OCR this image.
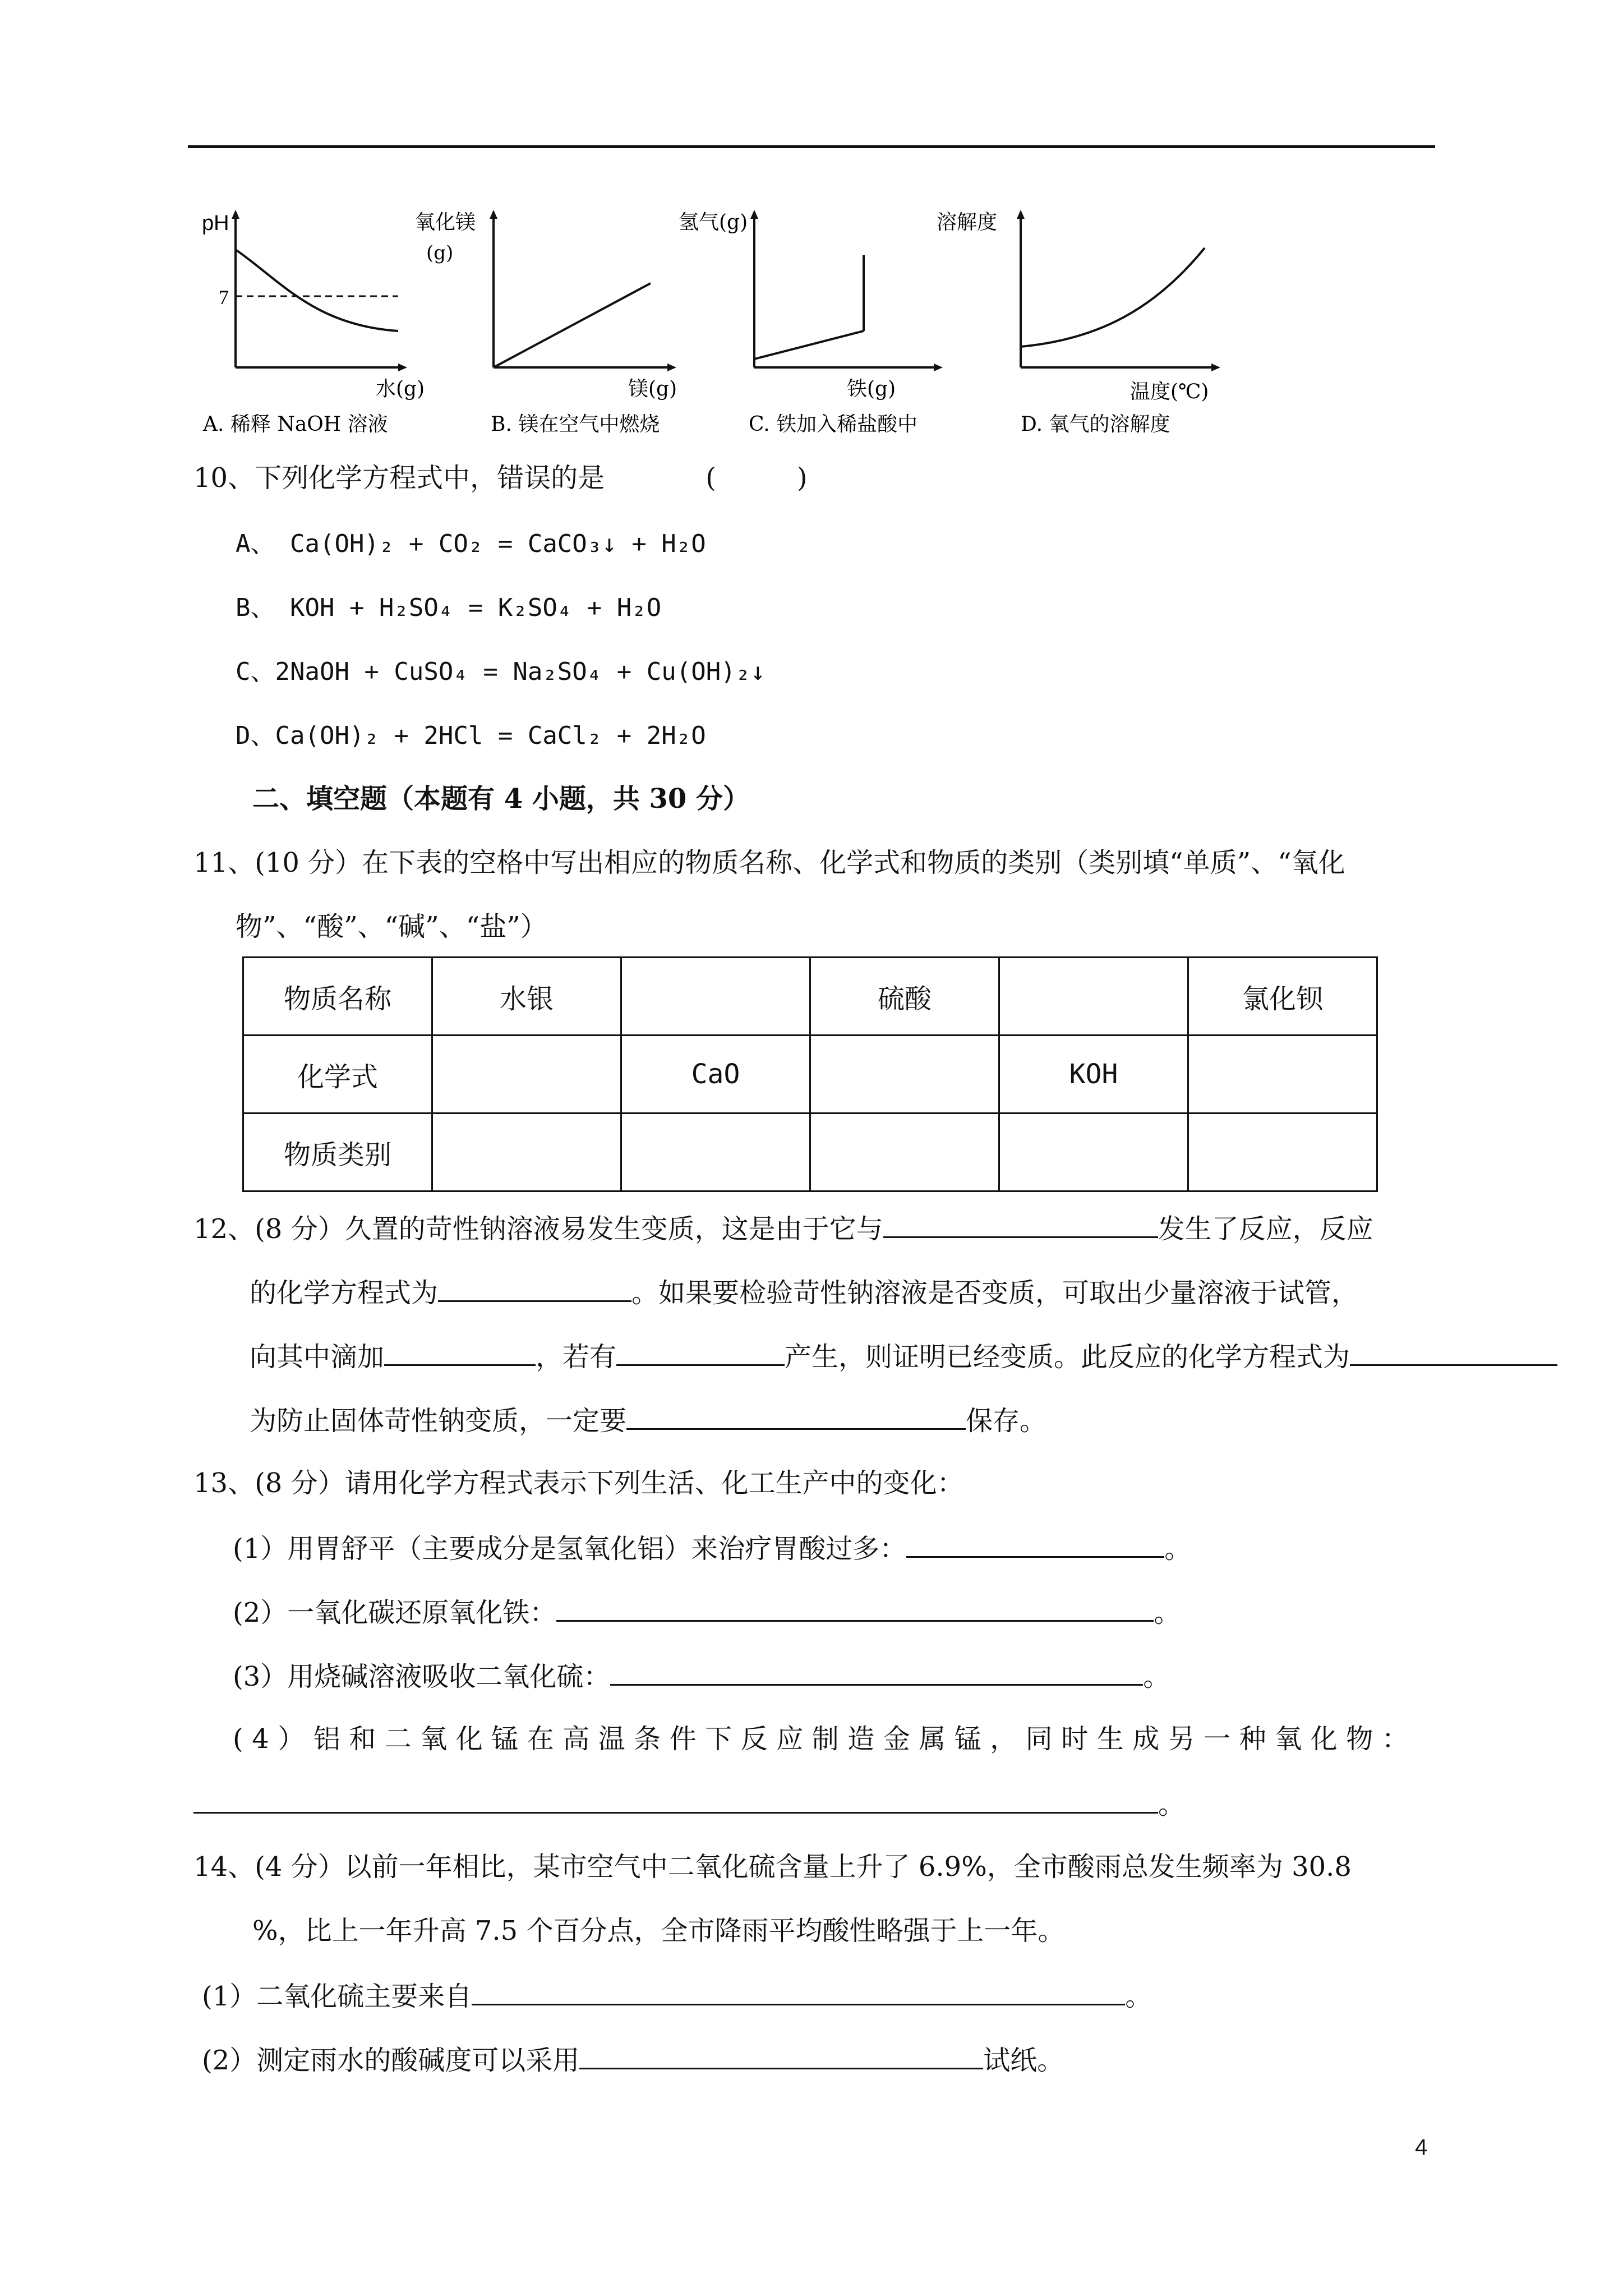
pH
7
水(g)
A. 稀释 NaOH 溶液
氧化镁
(g)
镁(g)
B. 镁在空气中燃烧
氢气(g)
铁(g)
C. 铁加入稀盐酸中
溶解度
温度(℃)
D. 氧气的溶解度
10、下列化学方程式中，错误的是	(　　　)
A、 Ca(OH)₂ + CO₂ = CaCO₃↓ + H₂O
B、 KOH + H₂SO₄ = K₂SO₄ + H₂O
C、2NaOH + CuSO₄ = Na₂SO₄ + Cu(OH)₂↓
D、Ca(OH)₂ + 2HCl = CaCl₂ + 2H₂O
二、填空题（本题有 4 小题，共 30 分）
11、(10 分）在下表的空格中写出相应的物质名称、化学式和物质的类别（类别填“单质”、“氧化
物”、“酸”、“碱”、“盐”）
物质名称	水银		硫酸		氯化钡
化学式		CaO		KOH	
物质类别					
12、(8 分）久置的苛性钠溶液易发生变质，这是由于它与	发生了反应，反应
的化学方程式为	。如果要检验苛性钠溶液是否变质，可取出少量溶液于试管，
向其中滴加	，若有	产生，则证明已经变质。此反应的化学方程式为
为防止固体苛性钠变质，一定要	保存。
13、(8 分）请用化学方程式表示下列生活、化工生产中的变化：
(1）用胃舒平（主要成分是氢氧化铝）来治疗胃酸过多：	。
(2）一氧化碳还原氧化铁：	。
(3）用烧碱溶液吸收二氧化硫：	。
(4）铝和二氧化锰在高温条件下反应制造金属锰，同时生成另一种氧化物：
。
14、(4 分）以前一年相比，某市空气中二氧化硫含量上升了 6.9%，全市酸雨总发生频率为 30.8
%，比上一年升高 7.5 个百分点，全市降雨平均酸性略强于上一年。
(1）二氧化硫主要来自	。
(2）测定雨水的酸碱度可以采用	试纸。
4
